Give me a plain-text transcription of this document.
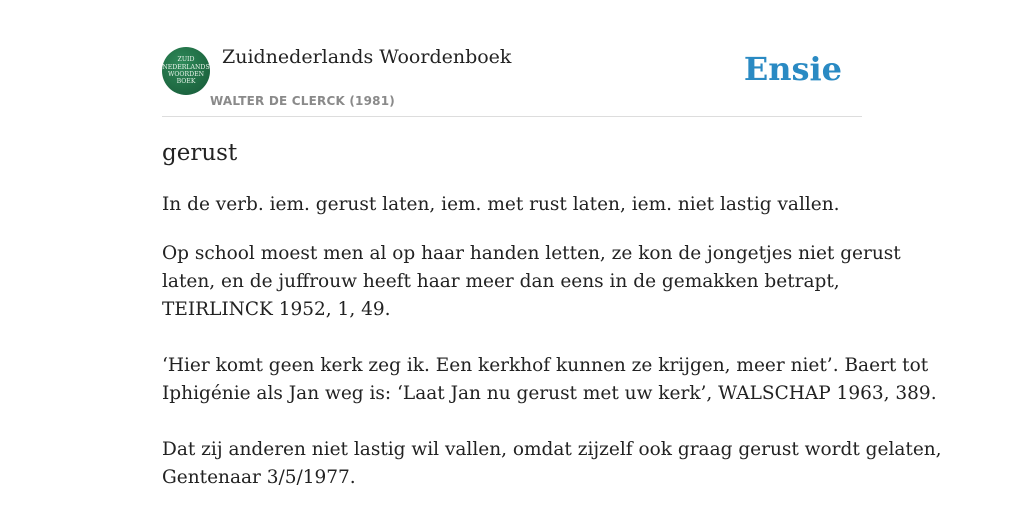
ZUID
NEDERLANDS
WOORDEN
BOEK
Zuidnederlands Woordenboek
WALTER DE CLERCK (1981)
Ensie
gerust
In de verb. iem. gerust laten, iem. met rust laten, iem. niet lastig vallen.
Op school moest men al op haar handen letten, ze kon de jongetjes niet gerust
laten, en de juffrouw heeft haar meer dan eens in de gemakken betrapt,
TEIRLINCK 1952, 1, 49.
‘Hier komt geen kerk zeg ik. Een kerkhof kunnen ze krijgen, meer niet’. Baert tot
Iphigénie als Jan weg is: ‘Laat Jan nu gerust met uw kerk’, WALSCHAP 1963, 389.
Dat zij anderen niet lastig wil vallen, omdat zijzelf ook graag gerust wordt gelaten,
Gentenaar 3/5/1977.
